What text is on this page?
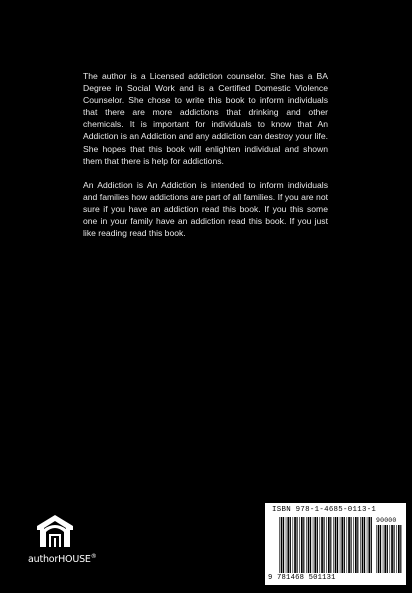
The author is a Licensed addiction counselor. She has a BA Degree in Social Work and is a Certified Domestic Violence Counselor. She chose to write this book to inform individuals that there are more addictions that drinking and other chemicals. It is important for individuals to know that An Addiction is an Addiction and any addiction can destroy your life. She hopes that this book will enlighten individual and shown them that there is help for addictions.

An Addiction is An Addiction is intended to inform individuals and families how addictions are part of all families. If you are not sure if you have an addiction read this book. If you this some one in your family have an addiction read this book. If you just like reading read this book.

authorHOUSE®
ISBN 978-1-4685-0113-1
90000
9 781468 501131
